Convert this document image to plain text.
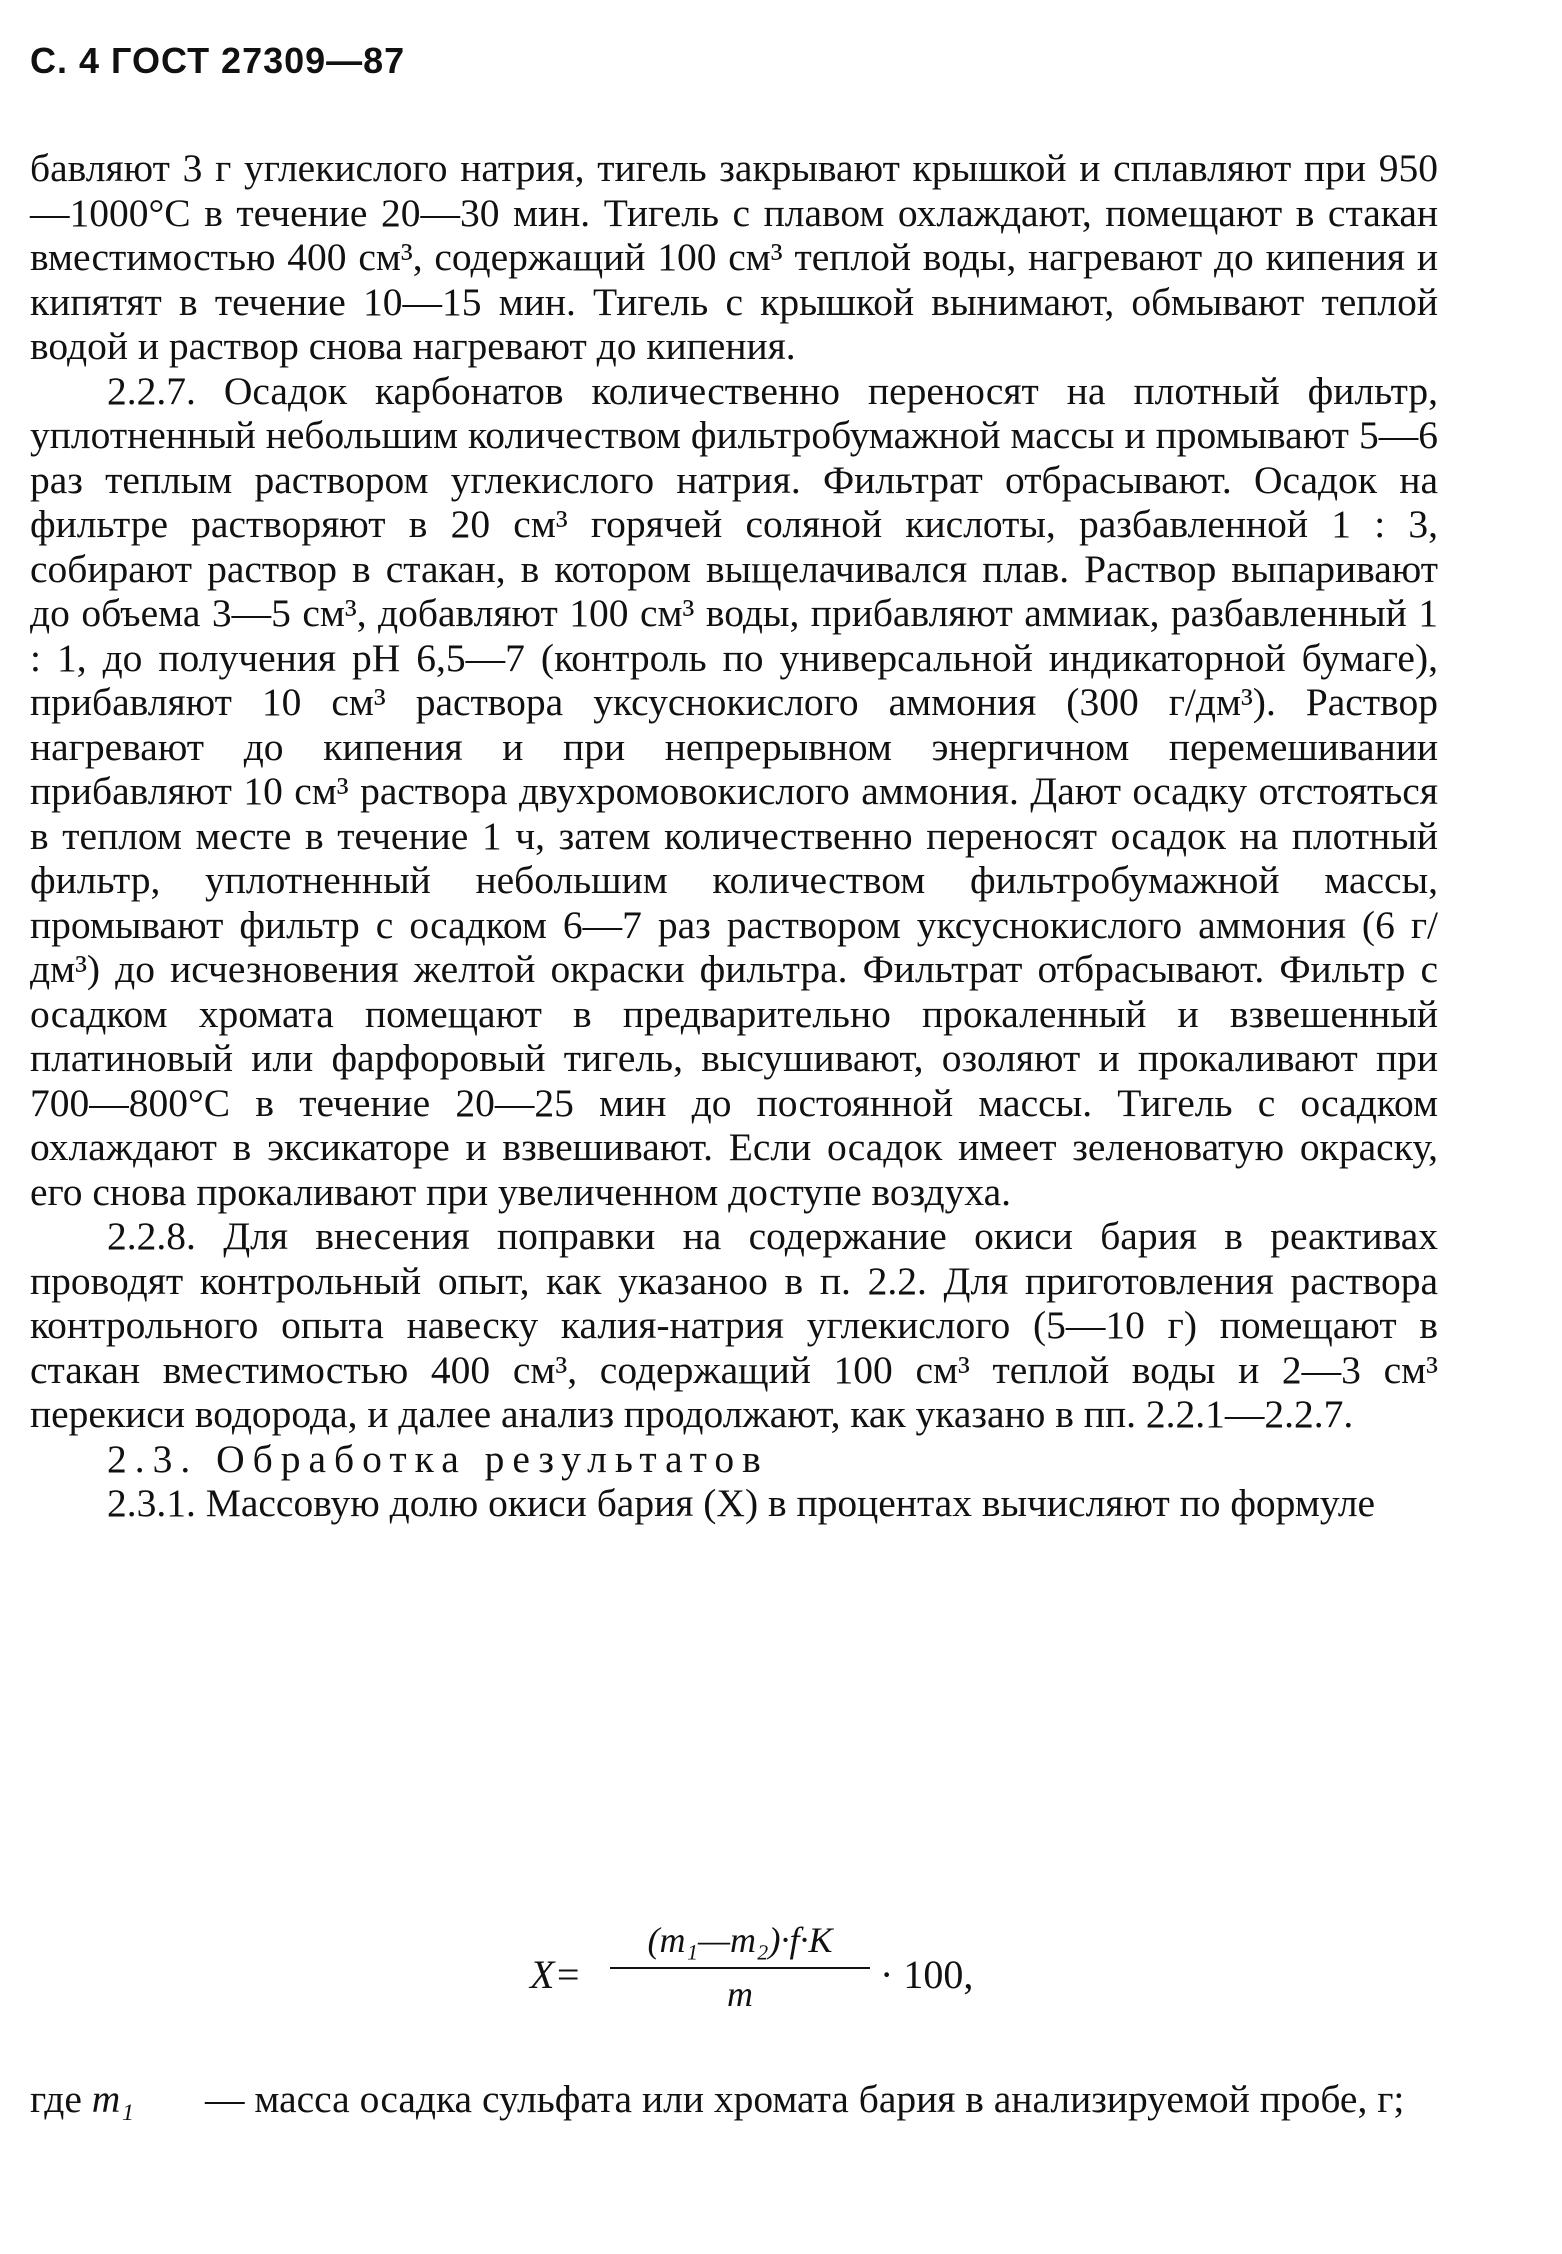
С. 4 ГОСТ 27309—87

бавляют 3 г углекислого натрия, тигель закрывают крышкой и сплавляют при 950—1000°С в течение 20—30 мин. Тигель с плавом охлаждают, помещают в стакан вместимостью 400 см³, содержащий 100 см³ теплой воды, нагревают до кипения и кипятят в течение 10—15 мин. Тигель с крышкой вынимают, обмывают теплой водой и раствор снова нагревают до кипения.

2.2.7. Осадок карбонатов количественно переносят на плотный фильтр, уплотненный небольшим количеством фильтробумажной массы и промывают 5—6 раз теплым раствором углекислого натрия. Фильтрат отбрасывают. Осадок на фильтре растворяют в 20 см³ горячей соляной кислоты, разбавленной 1 : 3, собирают раствор в стакан, в котором выщелачивался плав. Раствор выпаривают до объема 3—5 см³, добавляют 100 см³ воды, прибавляют аммиак, разбавленный 1 : 1, до получения pH 6,5—7 (контроль по универсальной индикаторной бумаге), прибавляют 10 см³ раствора уксуснокислого аммония (300 г/дм³). Раствор нагревают до кипения и при непрерывном энергичном перемешивании прибавляют 10 см³ раствора двухромовокислого аммония. Дают осадку отстояться в теплом месте в течение 1 ч, затем количественно переносят осадок на плотный фильтр, уплотненный небольшим количеством фильтробумажной массы, промывают фильтр с осадком 6—7 раз раствором уксуснокислого аммония (6 г/дм³) до исчезновения желтой окраски фильтра. Фильтрат отбрасывают. Фильтр с осадком хромата помещают в предварительно прокаленный и взвешенный платиновый или фарфоровый тигель, высушивают, озоляют и прокаливают при 700—800°С в течение 20—25 мин до постоянной массы. Тигель с осадком охлаждают в эксикаторе и взвешивают. Если осадок имеет зеленоватую окраску, его снова прокаливают при увеличенном доступе воздуха.

2.2.8. Для внесения поправки на содержание окиси бария в реактивах проводят контрольный опыт, как указаноо в п. 2.2. Для приготовления раствора контрольного опыта навеску калия-натрия углекислого (5—10 г) помещают в стакан вместимостью 400 см³, содержащий 100 см³ теплой воды и 2—3 см³ перекиси водорода, и далее анализ продолжают, как указано в пп. 2.2.1—2.2.7.

2.3. Обработка результатов

2.3.1. Массовую долю окиси бария (X) в процентах вычисляют по формуле

X=
(m₁—m₂)·f·K
m	· 100,
где m₁ — масса осадка сульфата или хромата бария в анализируемой пробе, г;
